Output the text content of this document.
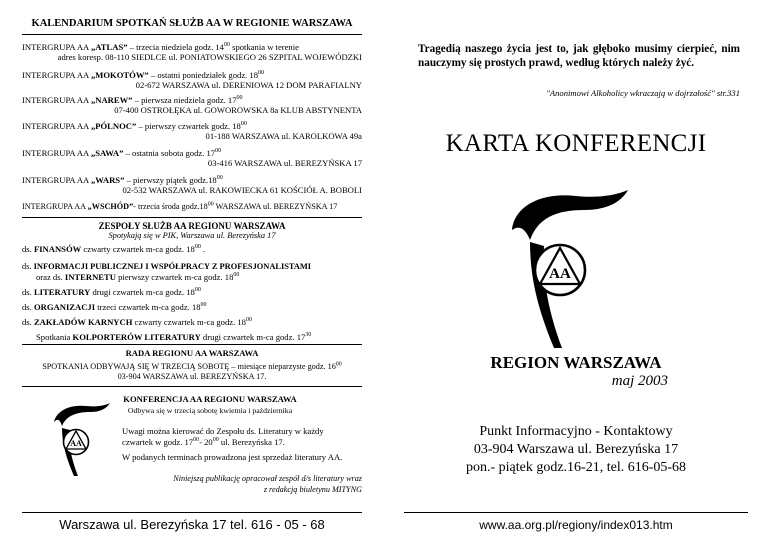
KALENDARIUM SPOTKAŃ SŁUŻB AA W REGIONIE WARSZAWA
INTERGRUPA AA „ATLAS” – trzecia niedziela godz. $14^{00}$ spotkania w terenie
adres koresp. 08-110 SIEDLCE ul. PONIATOWSKIEGO 26 SZPITAL WOJEWÓDZKI
INTERGRUPA AA „MOKOTÓW” – ostatni poniedziałek godz. $18^{00}$
02-672 WARSZAWA ul. DERENIOWA 12 DOM PARAFIALNY
INTERGRUPA AA „NAREW” – pierwsza niedziela godz. $17^{00}$
07-400 OSTROŁĘKA ul. GOWOROWSKA 8a KLUB ABSTYNENTA
INTERGRUPA AA „PÓLNOC” – pierwszy czwartek godz. $18^{00}$
01-188 WARSZAWA ul. KAROLKOWA 49a
INTERGRUPA AA „SAWA” – ostatnia sobota godz. $17^{00}$
03-416 WARSZAWA ul. BEREZYŃSKA 17
INTERGRUPA AA „WARS” – pierwszy piątek $godz.18^{00}$
02-532 WARSZAWA ul. RAKOWIECKA 61 KOŚCIÓŁ A. BOBOLI
INTERGRUPA AA „WSCHÓD”- trzecia środa $godz.18^{00}$ WARSZAWA ul. BEREZYŃSKA 17
ZESPOŁY SŁUŻB AA REGIONU WARSZAWA
Spotykają się w PIK, Warszawa ul. Berezyńska 17
ds. FINANSÓW czwarty czwartek m-ca godz. $18^{00}$ .
ds. INFORMACJI PUBLICZNEJ I WSPÓŁPRACY Z PROFESJONALISTAMI
oraz ds. INTERNETU pierwszy czwartek m-ca godz. $18^{00}$
ds. LITERATURY drugi czwartek m-ca godz. $18^{00}$
ds. ORGANIZACJI trzeci czwartek m-ca godz. $18^{00}$
ds. ZAKŁADÓW KARNYCH czwarty czwartek m-ca godz. $18^{00}$
Spotkania KOLPORTERÓW LITERATURY drugi czwartek m-ca godz. $17^{30}$
RADA REGIONU AA WARSZAWA
SPOTKANIA ODBYWAJĄ SIĘ W TRZECIĄ SOBOTĘ – miesiące nieparzyste godz. $16^{00}$
03-904 WARSZAWA ul. BEREZYŃSKA 17.
KONFERENCJA AA REGIONU WARSZAWA
Odbywa się w trzecią sobotę kwietnia i października
AA
Uwagi można kierować do Zespołu ds. Literatury w każdy
czwartek w godz. $17^{00}-$ $20^{00}$ ul. Berezyńska 17.
W podanych terminach prowadzona jest sprzedaż literatury AA.
Niniejszą publikację opracował zespół d/s literatury wraz
z redakcją biuletynu MITYNG
Warszawa ul. Berezyńska 17 tel. 616 - 05 - 68
Tragedią naszego życia jest to, jak głęboko musimy cierpieć, nim nauczymy się prostych prawd, według których należy żyć.
"Anonimowi Alkoholicy wkraczają w dojrzałość" str.331
KARTA KONFERENCJI
AA
REGION WARSZAWA
maj 2003
Punkt Informacyjno - Kontaktowy
03-904 Warszawa ul. Berezyńska 17
pon.- piątek godz.16-21, tel. 616-05-68
www.aa.org.pl/regiony/index013.htm
